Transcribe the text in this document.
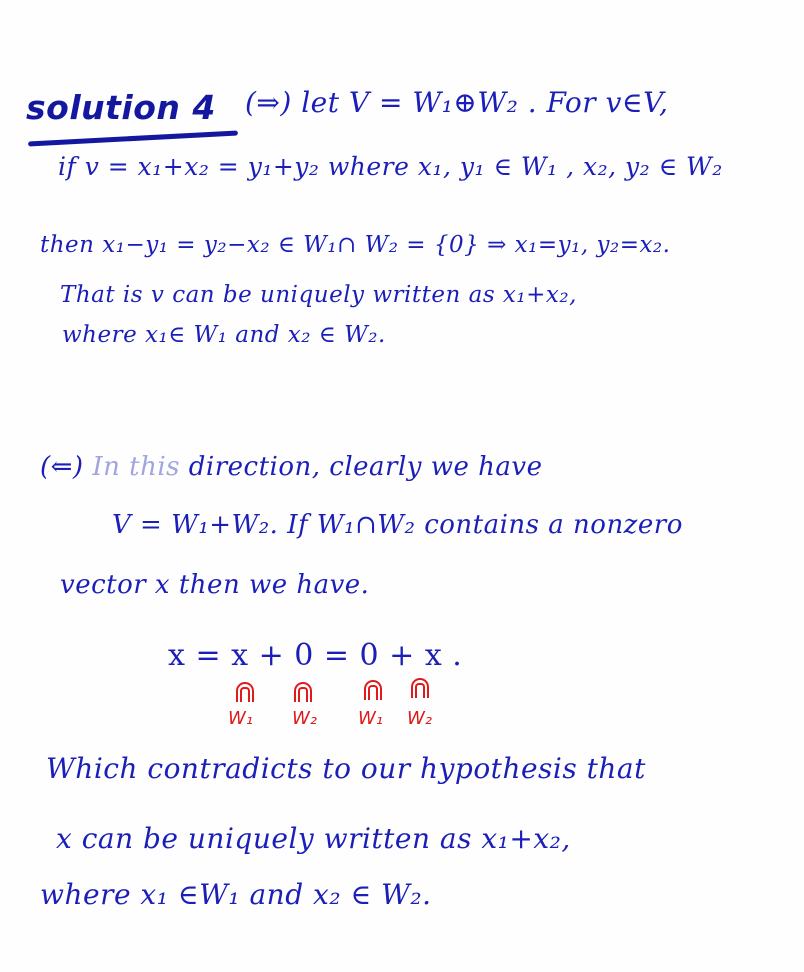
solution 4 (⇒) let V = W₁⊕W₂ . For v∈V,
if v = x₁+x₂ = y₁+y₂ where x₁, y₁ ∈ W₁ , x₂, y₂ ∈ W₂
then x₁−y₁ = y₂−x₂ ∈ W₁∩ W₂ = {0} ⇒ x₁=y₁, y₂=x₂.
That is v can be uniquely written as x₁+x₂,
where x₁∈ W₁ and x₂ ∈ W₂.
(⇐) In this direction, clearly we have
V = W₁+W₂. If W₁∩W₂ contains a nonzero
vector x then we have.
x = x + 0 = 0 + x .
W₁ W₂ W₁ W₂
Which contradicts to our hypothesis that
x can be uniquely written as x₁+x₂,
where x₁ ∈W₁ and x₂ ∈ W₂.
